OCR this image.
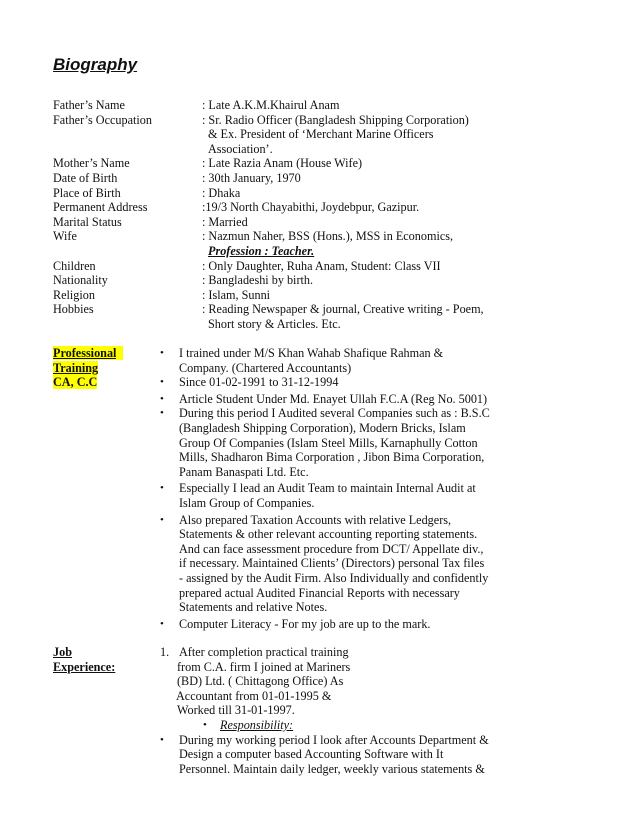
Biography
Father’s Name	: Late A.K.M.Khairul Anam
Father’s Occupation	: Sr. Radio Officer (Bangladesh Shipping Corporation)
& Ex. President of ‘Merchant Marine Officers
Association’.
Mother’s Name	: Late Razia Anam (House Wife)
Date of Birth	: 30th January, 1970
Place of Birth	: Dhaka
Permanent Address	:19/3 North Chayabithi, Joydebpur, Gazipur.
Marital Status	: Married
Wife	: Nazmun Naher, BSS (Hons.), MSS in Economics,
Profession : Teacher.
Children	: Only Daughter, Ruha Anam, Student: Class VII
Nationality	: Bangladeshi by birth.
Religion	: Islam, Sunni
Hobbies	: Reading Newspaper & journal, Creative writing - Poem,
Short story & Articles. Etc.
Professional
Training
CA, C.C
•	I trained under M/S Khan Wahab Shafique Rahman &
Company. (Chartered Accountants)
•	Since 01-02-1991 to 31-12-1994
•	Article Student Under Md. Enayet Ullah F.C.A (Reg No. 5001)
•	During this period I Audited several Companies such as : B.S.C
(Bangladesh Shipping Corporation), Modern Bricks, Islam
Group Of Companies (Islam Steel Mills, Karnaphully Cotton
Mills, Shadharon Bima Corporation , Jibon Bima Corporation,
Panam Banaspati Ltd. Etc.
•	Especially I lead an Audit Team to maintain Internal Audit at
Islam Group of Companies.
•	Also prepared Taxation Accounts with relative Ledgers,
Statements & other relevant accounting reporting statements.
And can face assessment procedure from DCT/ Appellate div.,
if necessary. Maintained Clients’ (Directors) personal Tax files
- assigned by the Audit Firm. Also Individually and confidently
prepared actual Audited Financial Reports with necessary
Statements and relative Notes.
•	Computer Literacy - For my job are up to the mark.
Job
Experience:
1. After completion practical training
from C.A. firm I joined at Mariners
(BD) Ltd. ( Chittagong Office) As
Accountant from 01-01-1995 &
Worked till 31-01-1997.
•	Responsibility:
•	During my working period I look after Accounts Department &
Design a computer based Accounting Software with It
Personnel. Maintain daily ledger, weekly various statements &
